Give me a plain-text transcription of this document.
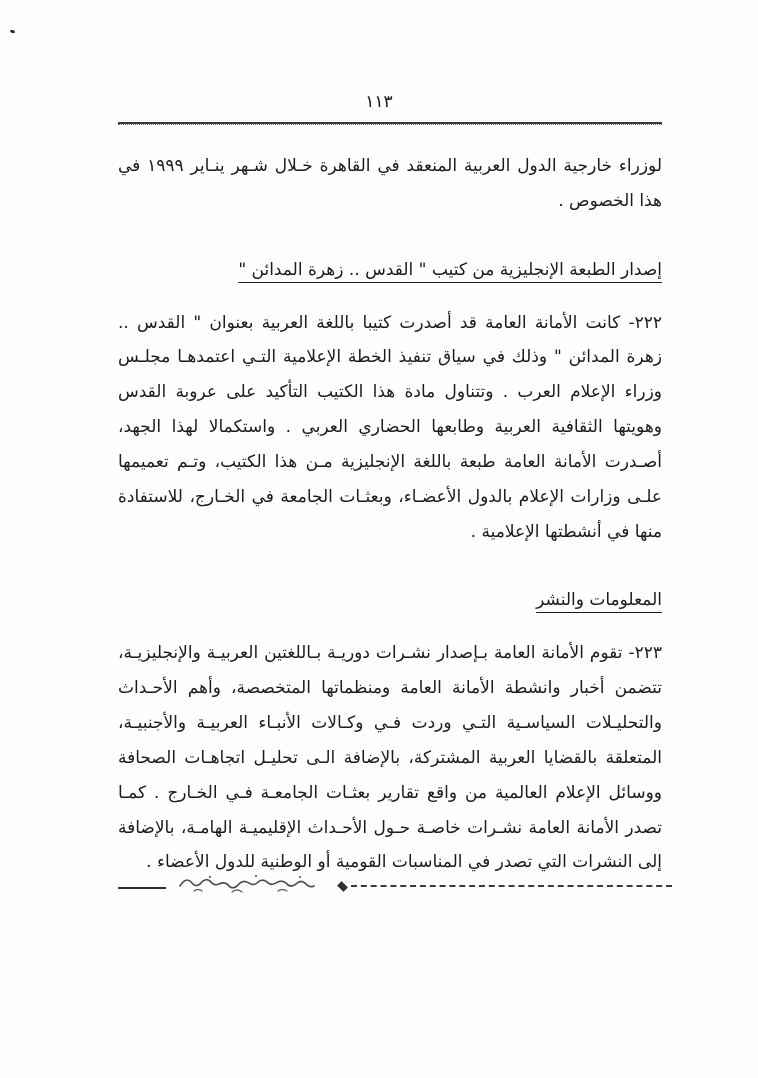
١١٣

لوزراء خارجية الدول العربية المنعقد في القاهرة خـلال شـهر ينـاير ١٩٩٩ في هذا الخصوص .

إصدار الطبعة الإنجليزية من كتيب " القدس .. زهرة المدائن "

٢٢٢- كانت الأمانة العامة قد أصدرت كتيبا باللغة العربية بعنوان " القدس .. زهرة المدائن " وذلك في سياق تنفيذ الخطة الإعلامية التـي اعتمدهـا مجلـس وزراء الإعلام العرب . وتتناول مادة هذا الكتيب التأكيد على عروبة القدس وهويتها الثقافية العربية وطابعها الحضاري العربي . واستكمالا لهذا الجهد، أصـدرت الأمانة العامة طبعة باللغة الإنجليزية مـن هذا الكتيب، وتـم تعميمها علـى وزارات الإعلام بالدول الأعضـاء، وبعثـات الجامعة في الخـارج، للاستفادة منها في أنشطتها الإعلامية .

المعلومات والنشر

٢٢٣- تقوم الأمانة العامة بـإصدار نشـرات دوريـة بـاللغتين العربيـة والإنجليزيـة، تتضمن أخبار وانشطة الأمانة العامة ومنظماتها المتخصصة، وأهم الأحـداث والتحليـلات السياسـية التـي وردت فـي وكـالات الأنبـاء العربيـة والأجنبيـة، المتعلقة بالقضايا العربية المشتركة، بالإضافة الـى تحليـل اتجاهـات الصحافة ووسائل الإعلام العالمية من واقع تقارير بعثـات الجامعـة فـي الخـارج . كمـا تصدر الأمانة العامة نشـرات خاصـة حـول الأحـداث الإقليميـة الهامـة، بالإضافة إلى النشرات التي تصدر في المناسبات القومية أو الوطنية للدول الأعضاء .
